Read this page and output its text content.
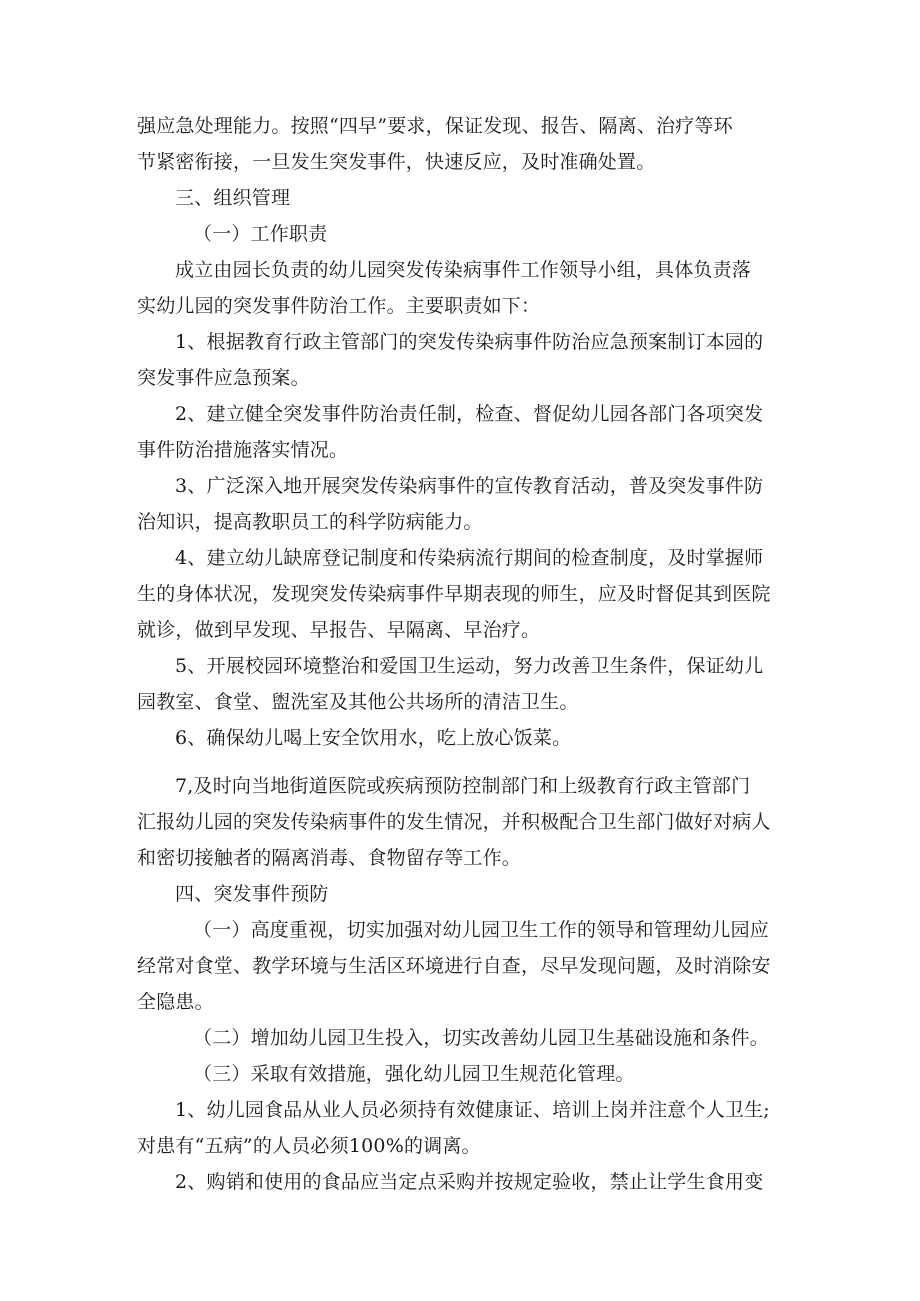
强应急处理能力。按照“四早”要求，保证发现、报告、隔离、治疗等环
节紧密衔接，一旦发生突发事件，快速反应，及时准确处置。
三、组织管理
（一）工作职责
成立由园长负责的幼儿园突发传染病事件工作领导小组，具体负责落
实幼儿园的突发事件防治工作。主要职责如下：
1、根据教育行政主管部门的突发传染病事件防治应急预案制订本园的
突发事件应急预案。
2、建立健全突发事件防治责任制，检查、督促幼儿园各部门各项突发
事件防治措施落实情况。
3、广泛深入地开展突发传染病事件的宣传教育活动，普及突发事件防
治知识，提高教职员工的科学防病能力。
4、建立幼儿缺席登记制度和传染病流行期间的检查制度，及时掌握师
生的身体状况，发现突发传染病事件早期表现的师生，应及时督促其到医院
就诊，做到早发现、早报告、早隔离、早治疗。
5、开展校园环境整治和爱国卫生运动，努力改善卫生条件，保证幼儿
园教室、食堂、盥洗室及其他公共场所的清洁卫生。
6、确保幼儿喝上安全饮用水，吃上放心饭菜。
7,及时向当地街道医院或疾病预防控制部门和上级教育行政主管部门
汇报幼儿园的突发传染病事件的发生情况，并积极配合卫生部门做好对病人
和密切接触者的隔离消毒、食物留存等工作。
四、突发事件预防
（一）高度重视，切实加强对幼儿园卫生工作的领导和管理幼儿园应
经常对食堂、教学环境与生活区环境进行自查，尽早发现问题，及时消除安
全隐患。
（二）增加幼儿园卫生投入，切实改善幼儿园卫生基础设施和条件。
（三）采取有效措施，强化幼儿园卫生规范化管理。
1、幼儿园食品从业人员必须持有效健康证、培训上岗并注意个人卫生;
对患有“五病”的人员必须100%的调离。
2、购销和使用的食品应当定点采购并按规定验收，禁止让学生食用变
